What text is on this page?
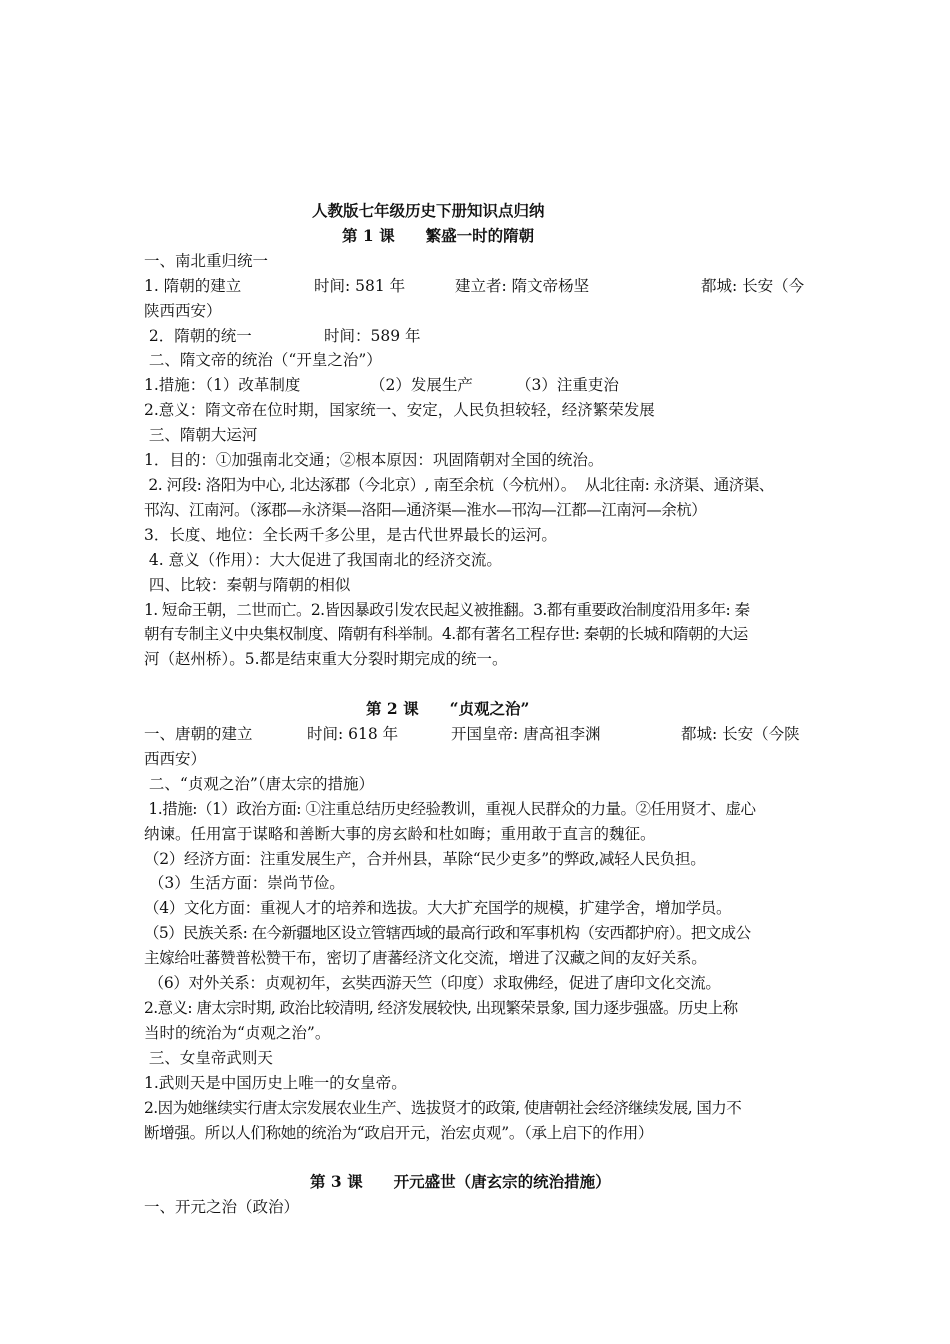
人教版七年级历史下册知识点归纳
第 1 课　　繁盛一时的隋朝
一、南北重归统一
1. 隋朝的建立	时间: 581 年	建立者: 隋文帝杨坚	都城: 长安（今
陕西西安）
2．隋朝的统一	时间：589 年
二、隋文帝的统治（“开皇之治”）
1.措施：（1）改革制度	（2）发展生产	（3）注重吏治
2.意义：隋文帝在位时期，国家统一、安定，人民负担较轻，经济繁荣发展
三、隋朝大运河
1．目的：①加强南北交通；②根本原因：巩固隋朝对全国的统治。
2. 河段: 洛阳为中心, 北达涿郡（今北京）, 南至余杭（今杭州）。  从北往南: 永济渠、通济渠、
邗沟、江南河。（涿郡—永济渠—洛阳—通济渠—淮水—邗沟—江都—江南河—余杭）
3．长度、地位：全长两千多公里，是古代世界最长的运河。
4. 意义（作用）：大大促进了我国南北的经济交流。
四、比较：秦朝与隋朝的相似
1. 短命王朝，二世而亡。2.皆因暴政引发农民起义被推翻。3.都有重要政治制度沿用多年: 秦
朝有专制主义中央集权制度、隋朝有科举制。4.都有著名工程存世: 秦朝的长城和隋朝的大运
河（赵州桥）。5.都是结束重大分裂时期完成的统一。
第 2 课　　“贞观之治”
一、唐朝的建立	时间: 618 年	开国皇帝: 唐高祖李渊	都城: 长安（今陕
西西安）
二、“贞观之治”（唐太宗的措施）
1.措施:（1）政治方面: ①注重总结历史经验教训，重视人民群众的力量。②任用贤才、虚心
纳谏。任用富于谋略和善断大事的房玄龄和杜如晦；重用敢于直言的魏征。
（2）经济方面：注重发展生产，合并州县，革除“民少吏多”的弊政,减轻人民负担。
（3）生活方面：崇尚节俭。
（4）文化方面：重视人才的培养和选拔。大大扩充国学的规模，扩建学舍，增加学员。
（5）民族关系: 在今新疆地区设立管辖西域的最高行政和军事机构（安西都护府）。把文成公
主嫁给吐蕃赞普松赞干布，密切了唐蕃经济文化交流，增进了汉藏之间的友好关系。
（6）对外关系：贞观初年，玄奘西游天竺（印度）求取佛经，促进了唐印文化交流。
2.意义: 唐太宗时期, 政治比较清明, 经济发展较快, 出现繁荣景象, 国力逐步强盛。历史上称
当时的统治为“贞观之治”。
三、女皇帝武则天
1.武则天是中国历史上唯一的女皇帝。
2.因为她继续实行唐太宗发展农业生产、选拔贤才的政策, 使唐朝社会经济继续发展, 国力不
断增强。所以人们称她的统治为“政启开元，治宏贞观”。（承上启下的作用）
第 3 课　　开元盛世（唐玄宗的统治措施）
一、开元之治（政治）
